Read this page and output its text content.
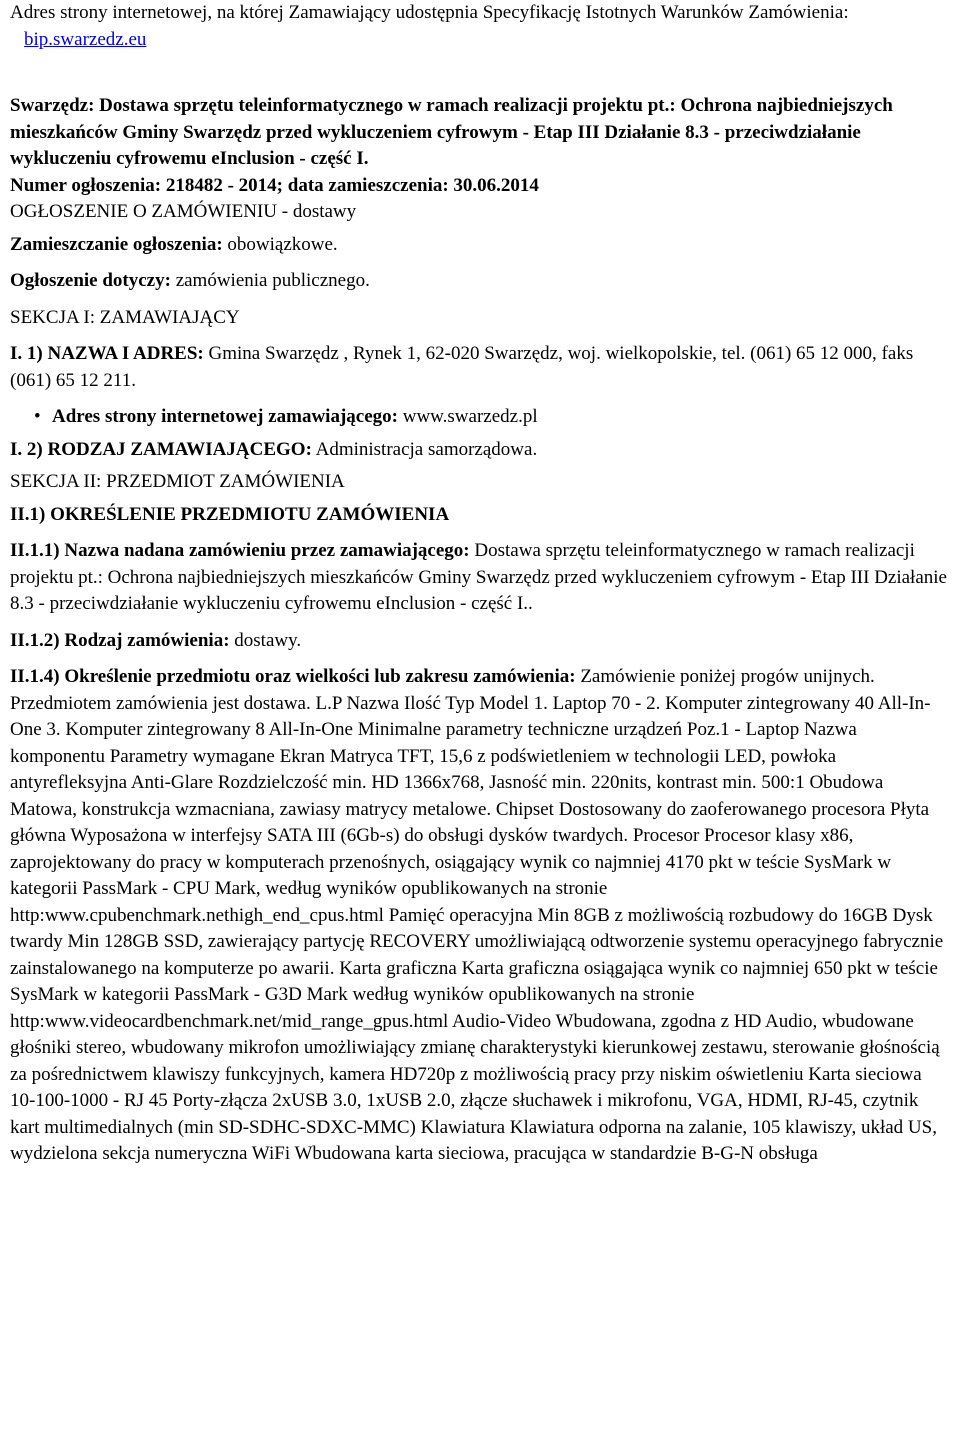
Adres strony internetowej, na której Zamawiający udostępnia Specyfikację Istotnych Warunków Zamówienia:

bip.swarzedz.eu

Swarzędz: Dostawa sprzętu teleinformatycznego w ramach realizacji projektu pt.: Ochrona najbiedniejszych mieszkańców Gminy Swarzędz przed wykluczeniem cyfrowym - Etap III Działanie 8.3 - przeciwdziałanie wykluczeniu cyfrowemu eInclusion - część I.

Numer ogłoszenia: 218482 - 2014; data zamieszczenia: 30.06.2014

OGŁOSZENIE O ZAMÓWIENIU - dostawy

Zamieszczanie ogłoszenia: obowiązkowe.

Ogłoszenie dotyczy: zamówienia publicznego.

SEKCJA I: ZAMAWIAJĄCY

I. 1) NAZWA I ADRES: Gmina Swarzędz , Rynek 1, 62-020 Swarzędz, woj. wielkopolskie, tel. (061) 65 12 000, faks (061) 65 12 211.

• Adres strony internetowej zamawiającego: www.swarzedz.pl

I. 2) RODZAJ ZAMAWIAJĄCEGO: Administracja samorządowa.

SEKCJA II: PRZEDMIOT ZAMÓWIENIA

II.1) OKREŚLENIE PRZEDMIOTU ZAMÓWIENIA

II.1.1) Nazwa nadana zamówieniu przez zamawiającego: Dostawa sprzętu teleinformatycznego w ramach realizacji projektu pt.: Ochrona najbiedniejszych mieszkańców Gminy Swarzędz przed wykluczeniem cyfrowym - Etap III Działanie 8.3 - przeciwdziałanie wykluczeniu cyfrowemu eInclusion - część I..

II.1.2) Rodzaj zamówienia: dostawy.

II.1.4) Określenie przedmiotu oraz wielkości lub zakresu zamówienia: Zamówienie poniżej progów unijnych. Przedmiotem zamówienia jest dostawa. L.P Nazwa Ilość Typ Model 1. Laptop 70 - 2. Komputer zintegrowany 40 All-In-One 3. Komputer zintegrowany 8 All-In-One Minimalne parametry techniczne urządzeń Poz.1 - Laptop Nazwa komponentu Parametry wymagane Ekran Matryca TFT, 15,6 z podświetleniem w technologii LED, powłoka antyrefleksyjna Anti-Glare Rozdzielczość min. HD 1366x768, Jasność min. 220nits, kontrast min. 500:1 Obudowa Matowa, konstrukcja wzmacniana, zawiasy matrycy metalowe. Chipset Dostosowany do zaoferowanego procesora Płyta główna Wyposażona w interfejsy SATA III (6Gb-s) do obsługi dysków twardych. Procesor Procesor klasy x86, zaprojektowany do pracy w komputerach przenośnych, osiągający wynik co najmniej 4170 pkt w teście SysMark w kategorii PassMark - CPU Mark, według wyników opublikowanych na stronie http:www.cpubenchmark.nethigh_end_cpus.html Pamięć operacyjna Min 8GB z możliwością rozbudowy do 16GB Dysk twardy Min 128GB SSD, zawierający partycję RECOVERY umożliwiającą odtworzenie systemu operacyjnego fabrycznie zainstalowanego na komputerze po awarii. Karta graficzna Karta graficzna osiągająca wynik co najmniej 650 pkt w teście SysMark w kategorii PassMark - G3D Mark według wyników opublikowanych na stronie http:www.videocardbenchmark.net/mid_range_gpus.html Audio-Video Wbudowana, zgodna z HD Audio, wbudowane głośniki stereo, wbudowany mikrofon umożliwiający zmianę charakterystyki kierunkowej zestawu, sterowanie głośnością za pośrednictwem klawiszy funkcyjnych, kamera HD720p z możliwością pracy przy niskim oświetleniu Karta sieciowa 10-100-1000 - RJ 45 Porty-złącza 2xUSB 3.0, 1xUSB 2.0, złącze słuchawek i mikrofonu, VGA, HDMI, RJ-45, czytnik kart multimedialnych (min SD-SDHC-SDXC-MMC) Klawiatura Klawiatura odporna na zalanie, 105 klawiszy, układ US, wydzielona sekcja numeryczna WiFi Wbudowana karta sieciowa, pracująca w standardzie B-G-N obsługa
